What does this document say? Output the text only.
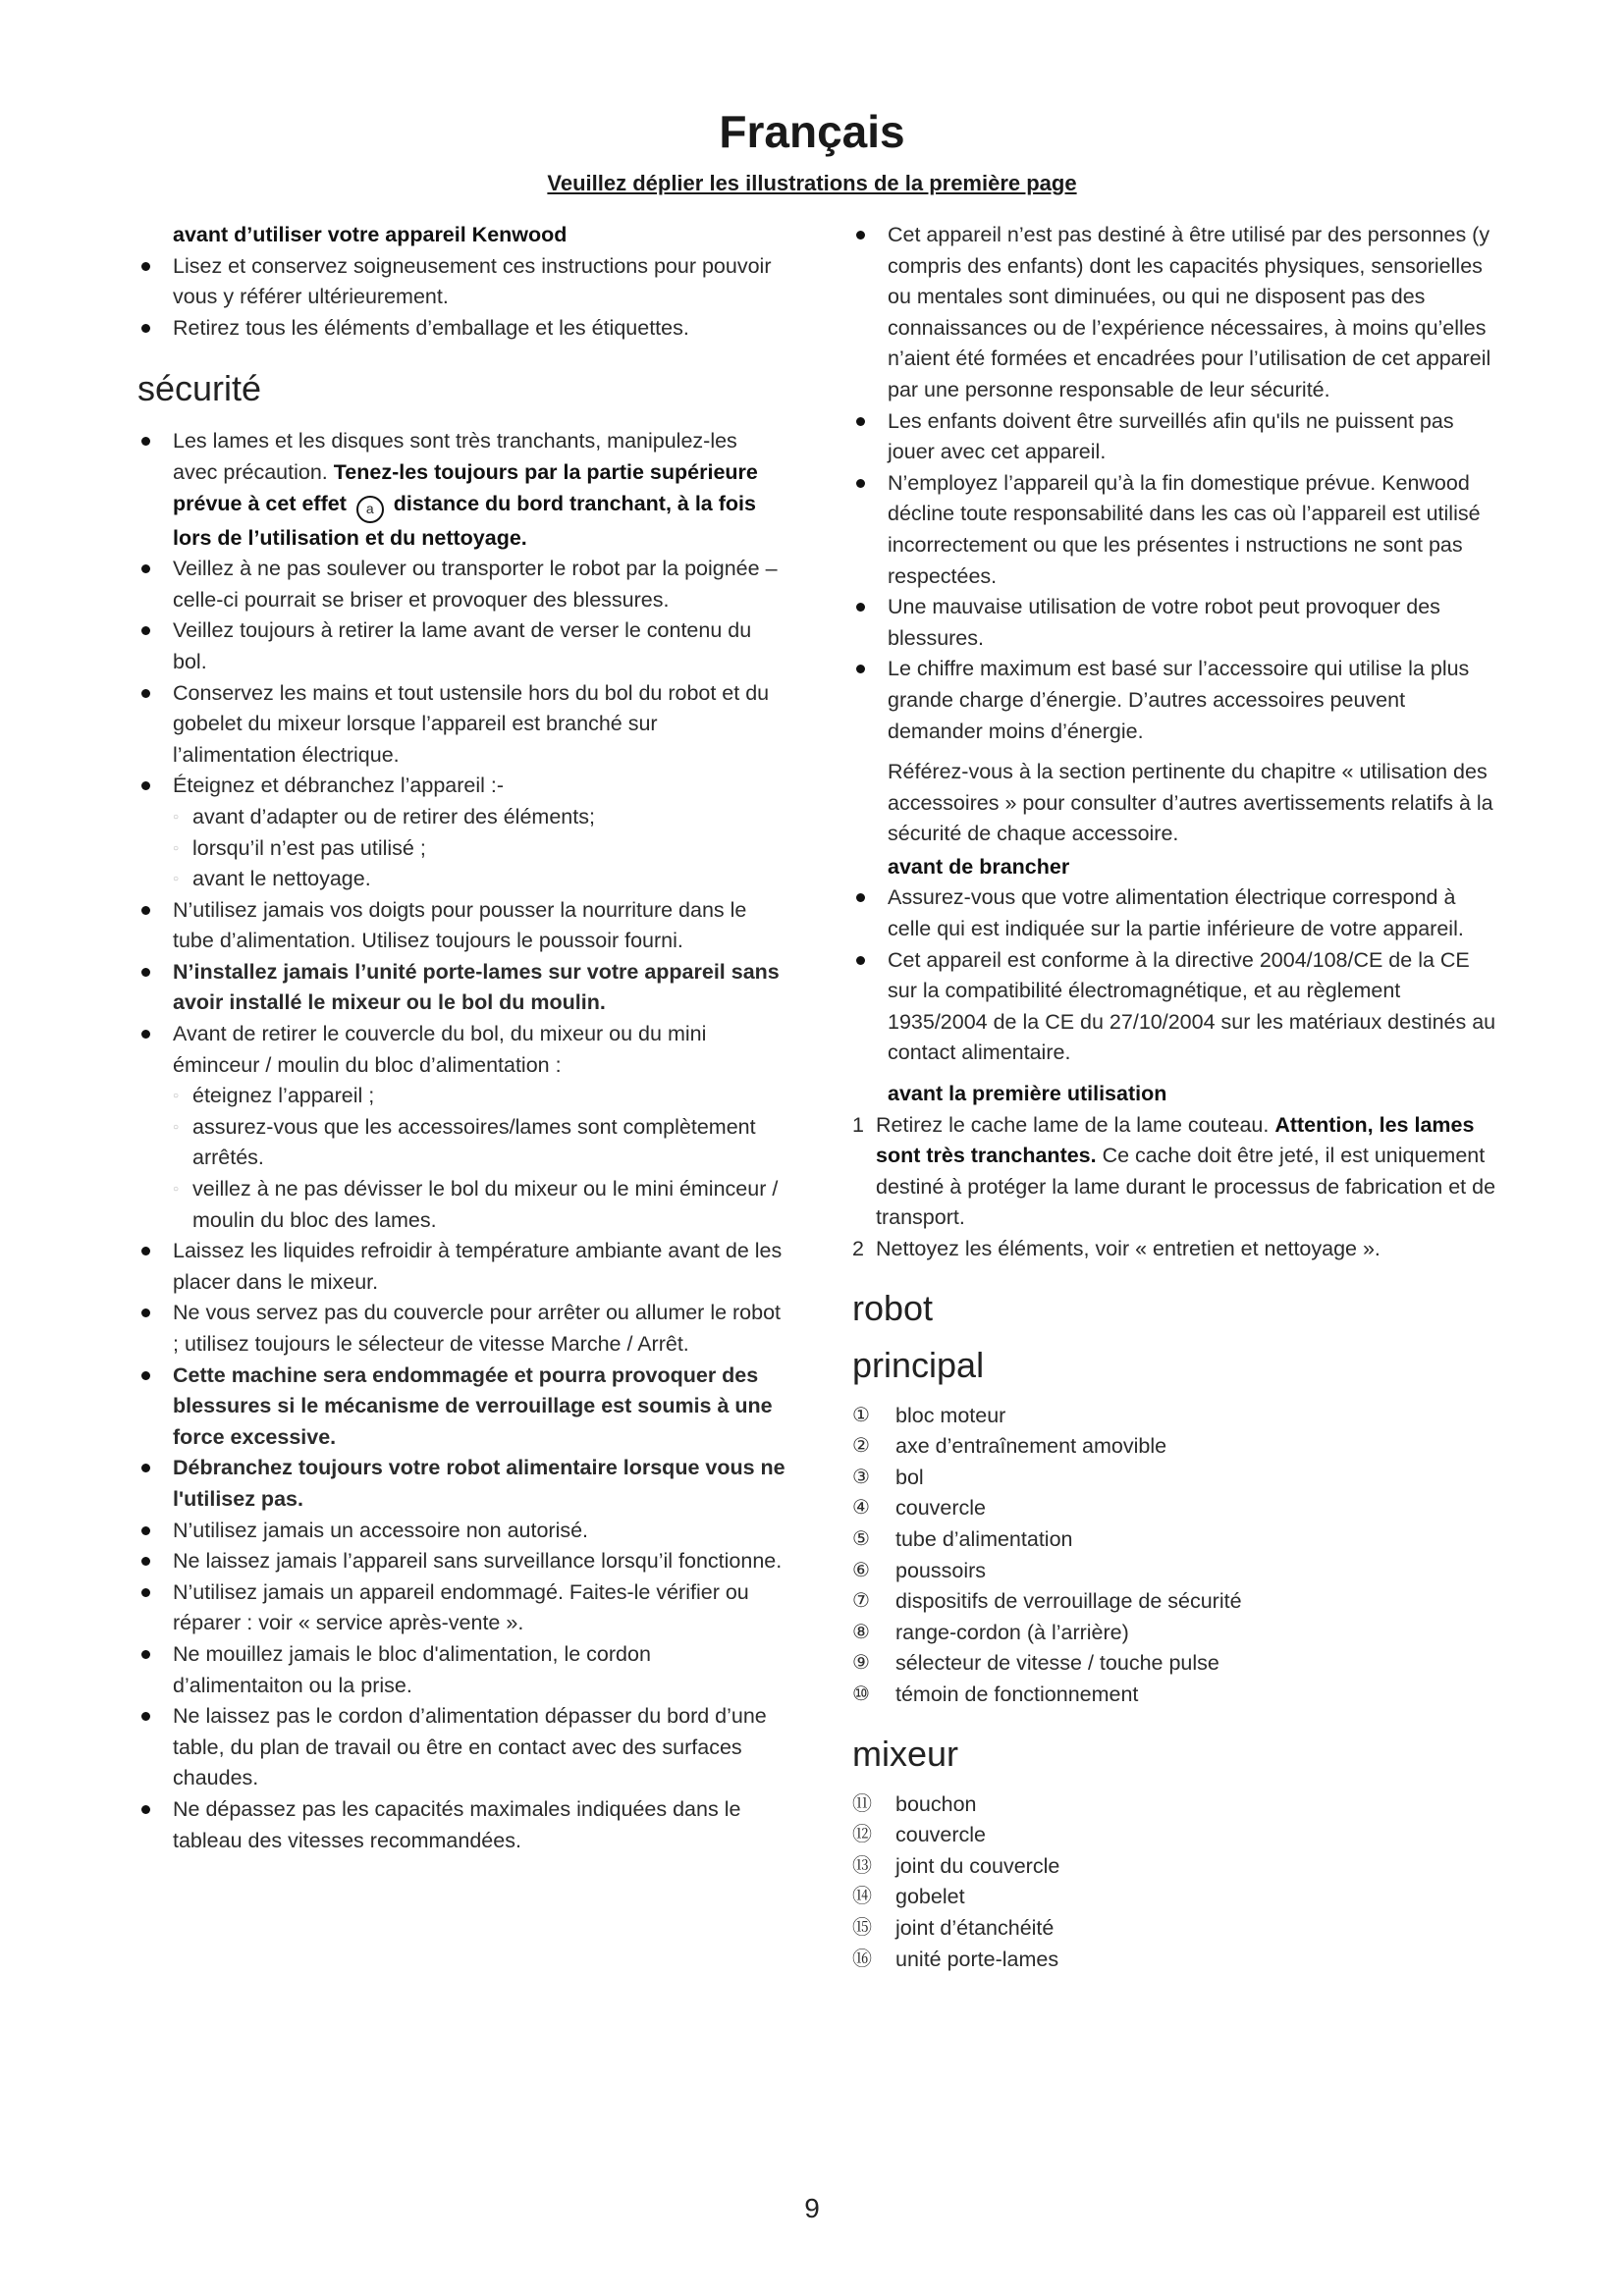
Français
Veuillez déplier les illustrations de la première page

avant d’utiliser votre appareil Kenwood

Lisez et conservez soigneusement ces instructions pour pouvoir vous y référer ultérieurement.
Retirez tous les éléments d’emballage et les étiquettes.
sécurité
Les lames et les disques sont très tranchants, manipulez-les avec précaution. Tenez-les toujours par la partie supérieure prévue à cet effet a distance du bord tranchant, à la fois lors de l’utilisation et du nettoyage.
Veillez à ne pas soulever ou transporter le robot par la poignée – celle-ci pourrait se briser et provoquer des blessures.
Veillez toujours à retirer la lame avant de verser le contenu du bol.
Conservez les mains et tout ustensile hors du bol du robot et du gobelet du mixeur lorsque l’appareil est branché sur l’alimentation électrique.
Éteignez et débranchez l’appareil :-
○ avant d’adapter ou de retirer des éléments;
○ lorsqu’il n’est pas utilisé ;
○ avant le nettoyage.
N’utilisez jamais vos doigts pour pousser la nourriture dans le tube d’alimentation. Utilisez toujours le poussoir fourni.
N’installez jamais l’unité porte-lames sur votre appareil sans avoir installé le mixeur ou le bol du moulin.
Avant de retirer le couvercle du bol, du mixeur ou du mini éminceur / moulin du bloc d’alimentation :
○ éteignez l’appareil ;
○ assurez-vous que les accessoires/lames sont complètement arrêtés.
○ veillez à ne pas dévisser le bol du mixeur ou le mini éminceur / moulin du bloc des lames.
Laissez les liquides refroidir à température ambiante avant de les placer dans le mixeur.
Ne vous servez pas du couvercle pour arrêter ou allumer le robot ; utilisez toujours le sélecteur de vitesse Marche / Arrêt.
Cette machine sera endommagée et pourra provoquer des blessures si le mécanisme de verrouillage est soumis à une force excessive.
Débranchez toujours votre robot alimentaire lorsque vous ne l'utilisez pas.
N’utilisez jamais un accessoire non autorisé.
Ne laissez jamais l’appareil sans surveillance lorsqu’il fonctionne.
N’utilisez jamais un appareil endommagé. Faites-le vérifier ou réparer : voir « service après-vente ».
Ne mouillez jamais le bloc d'alimentation, le cordon d’alimentaiton ou la prise.
Ne laissez pas le cordon d’alimentation dépasser du bord d’une table, du plan de travail ou être en contact avec des surfaces chaudes.
Ne dépassez pas les capacités maximales indiquées dans le tableau des vitesses recommandées.
Cet appareil n’est pas destiné à être utilisé par des personnes (y compris des enfants) dont les capacités physiques, sensorielles ou mentales sont diminuées, ou qui ne disposent pas des connaissances ou de l’expérience nécessaires, à moins qu’elles n’aient été formées et encadrées pour l’utilisation de cet appareil par une personne responsable de leur sécurité.
Les enfants doivent être surveillés afin qu'ils ne puissent pas jouer avec cet appareil.
N’employez l’appareil qu’à la fin domestique prévue. Kenwood décline toute responsabilité dans les cas où l’appareil est utilisé incorrectement ou que les présentes i nstructions ne sont pas respectées.
Une mauvaise utilisation de votre robot peut provoquer des blessures.
Le chiffre maximum est basé sur l’accessoire qui utilise la plus grande charge d’énergie. D’autres accessoires peuvent demander moins d’énergie.

Référez-vous à la section pertinente du chapitre « utilisation des accessoires » pour consulter d’autres avertissements relatifs à la sécurité de chaque accessoire.

avant de brancher

Assurez-vous que votre alimentation électrique correspond à celle qui est indiquée sur la partie inférieure de votre appareil.
Cet appareil est conforme à la directive 2004/108/CE de la CE sur la compatibilité électromagnétique, et au règlement 1935/2004 de la CE du 27/10/2004 sur les matériaux destinés au contact alimentaire.

avant la première utilisation

1 Retirez le cache lame de la lame couteau. Attention, les lames sont très tranchantes. Ce cache doit être jeté, il est uniquement destiné à protéger la lame durant le processus de fabrication et de transport.
2 Nettoyez les éléments, voir « entretien et nettoyage ».
robot
principal
①	bloc moteur
②	axe d’entraînement amovible
③	bol
④	couvercle
⑤	tube d’alimentation
⑥	poussoirs
⑦	dispositifs de verrouillage de sécurité
⑧	range-cordon (à l’arrière)
⑨	sélecteur de vitesse / touche pulse
⑩	témoin de fonctionnement
mixeur
⑪	bouchon
⑫	couvercle
⑬	joint du couvercle
⑭	gobelet
⑮	joint d’étanchéité
⑯	unité porte-lames
9
